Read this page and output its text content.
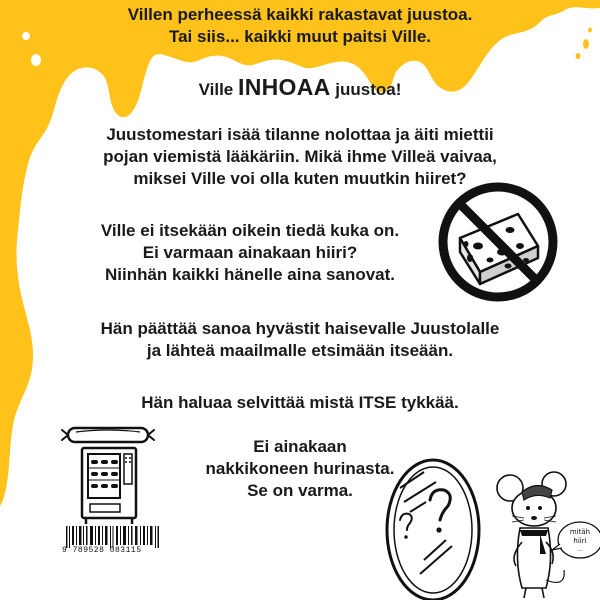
Villen perheessä kaikki rakastavat juustoa.
Tai siis... kaikki muut paitsi Ville.
Ville INHOAA juustoa!
Juustomestari isää tilanne nolottaa ja äiti miettii
pojan viemistä lääkäriin. Mikä ihme Villeä vaivaa,
miksei Ville voi olla kuten muutkin hiiret?
Ville ei itsekään oikein tiedä kuka on.
Ei varmaan ainakaan hiiri?
Niinhän kaikki hänelle aina sanovat.
Hän päättää sanoa hyvästit haisevalle Juustolalle
ja lähteä maailmalle etsimään itseään.
Hän haluaa selvittää mistä ITSE tykkää.
Ei ainakaan
nakkikoneen hurinasta.
Se on varma.
9 789528 083115
mitäh
hiiri
...
